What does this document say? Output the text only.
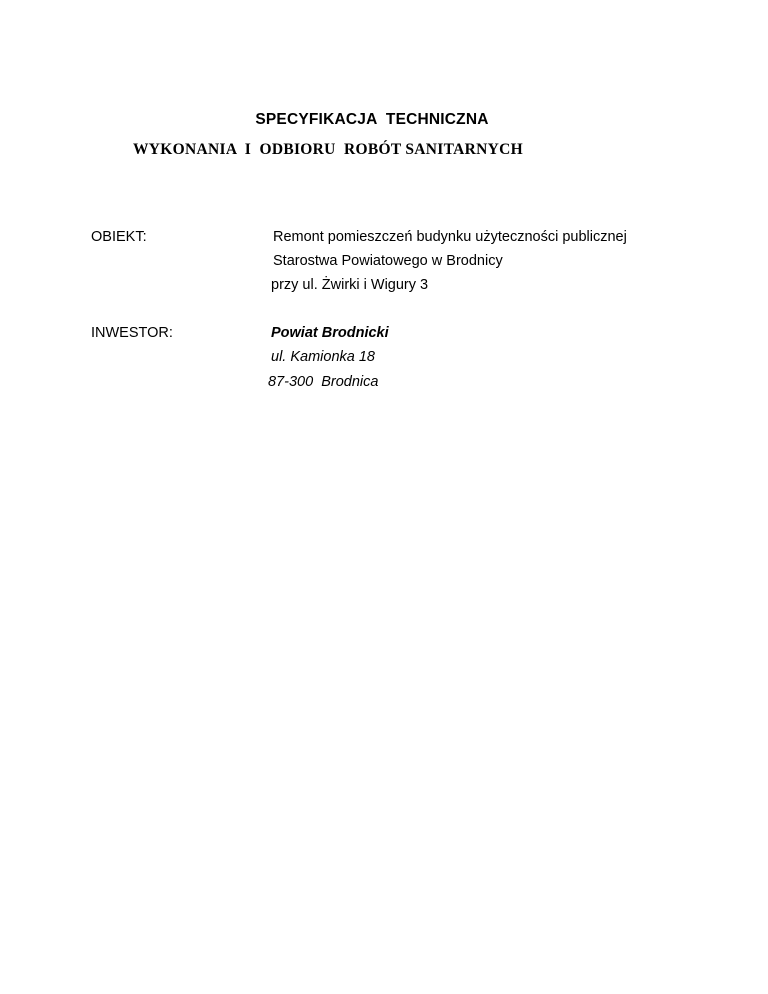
SPECYFIKACJA  TECHNICZNA
WYKONANIA  I  ODBIORU  ROBÓT SANITARNYCH
OBIEKT:	Remont pomieszczeń budynku użyteczności publicznej
Starostwa Powiatowego w Brodnicy
przy ul. Żwirki i Wigury 3
INWESTOR:	Powiat Brodnicki
ul. Kamionka 18
87-300  Brodnica
